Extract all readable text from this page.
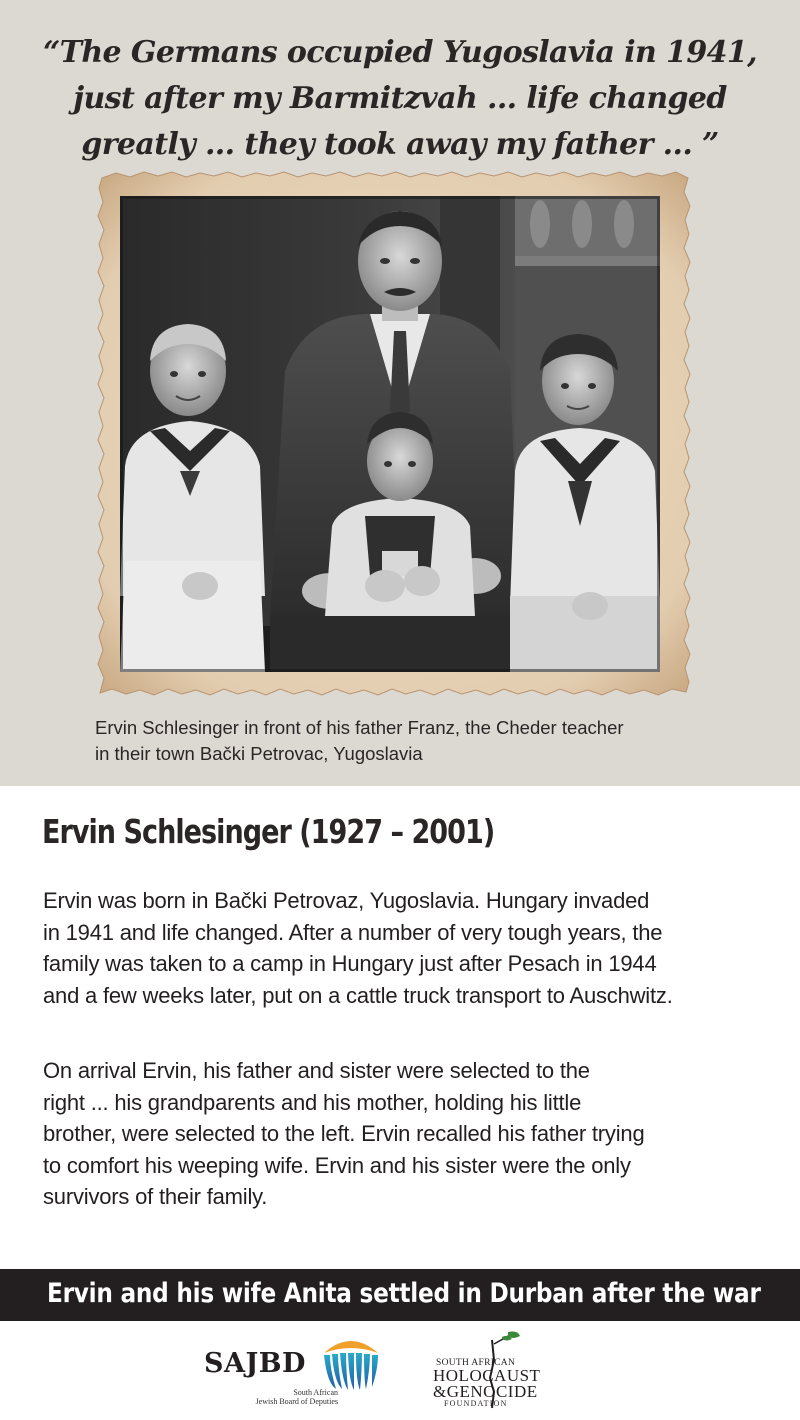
“The Germans occupied Yugoslavia in 1941,
just after my Barmitzvah ... life changed
greatly ... they took away my father ... ”
Ervin Schlesinger in front of his father Franz, the Cheder teacher
in their town Bački Petrovac, Yugoslavia
Ervin Schlesinger (1927 – 2001)
Ervin was born in Bački Petrovaz, Yugoslavia. Hungary invaded
in 1941 and life changed. After a number of very tough years, the
family was taken to a camp in Hungary just after Pesach in 1944
and a few weeks later, put on a cattle truck transport to Auschwitz.
On arrival Ervin, his father and sister were selected to the
right ... his grandparents and his mother, holding his little
brother, were selected to the left. Ervin recalled his father trying
to comfort his weeping wife. Ervin and his sister were the only
survivors of their family.
Ervin and his wife Anita settled in Durban after the war
SAJBD
South African
Jewish Board of Deputies
SOUTH AFRICAN
HOLOCAUST
&GENOCIDE
FOUNDATION
